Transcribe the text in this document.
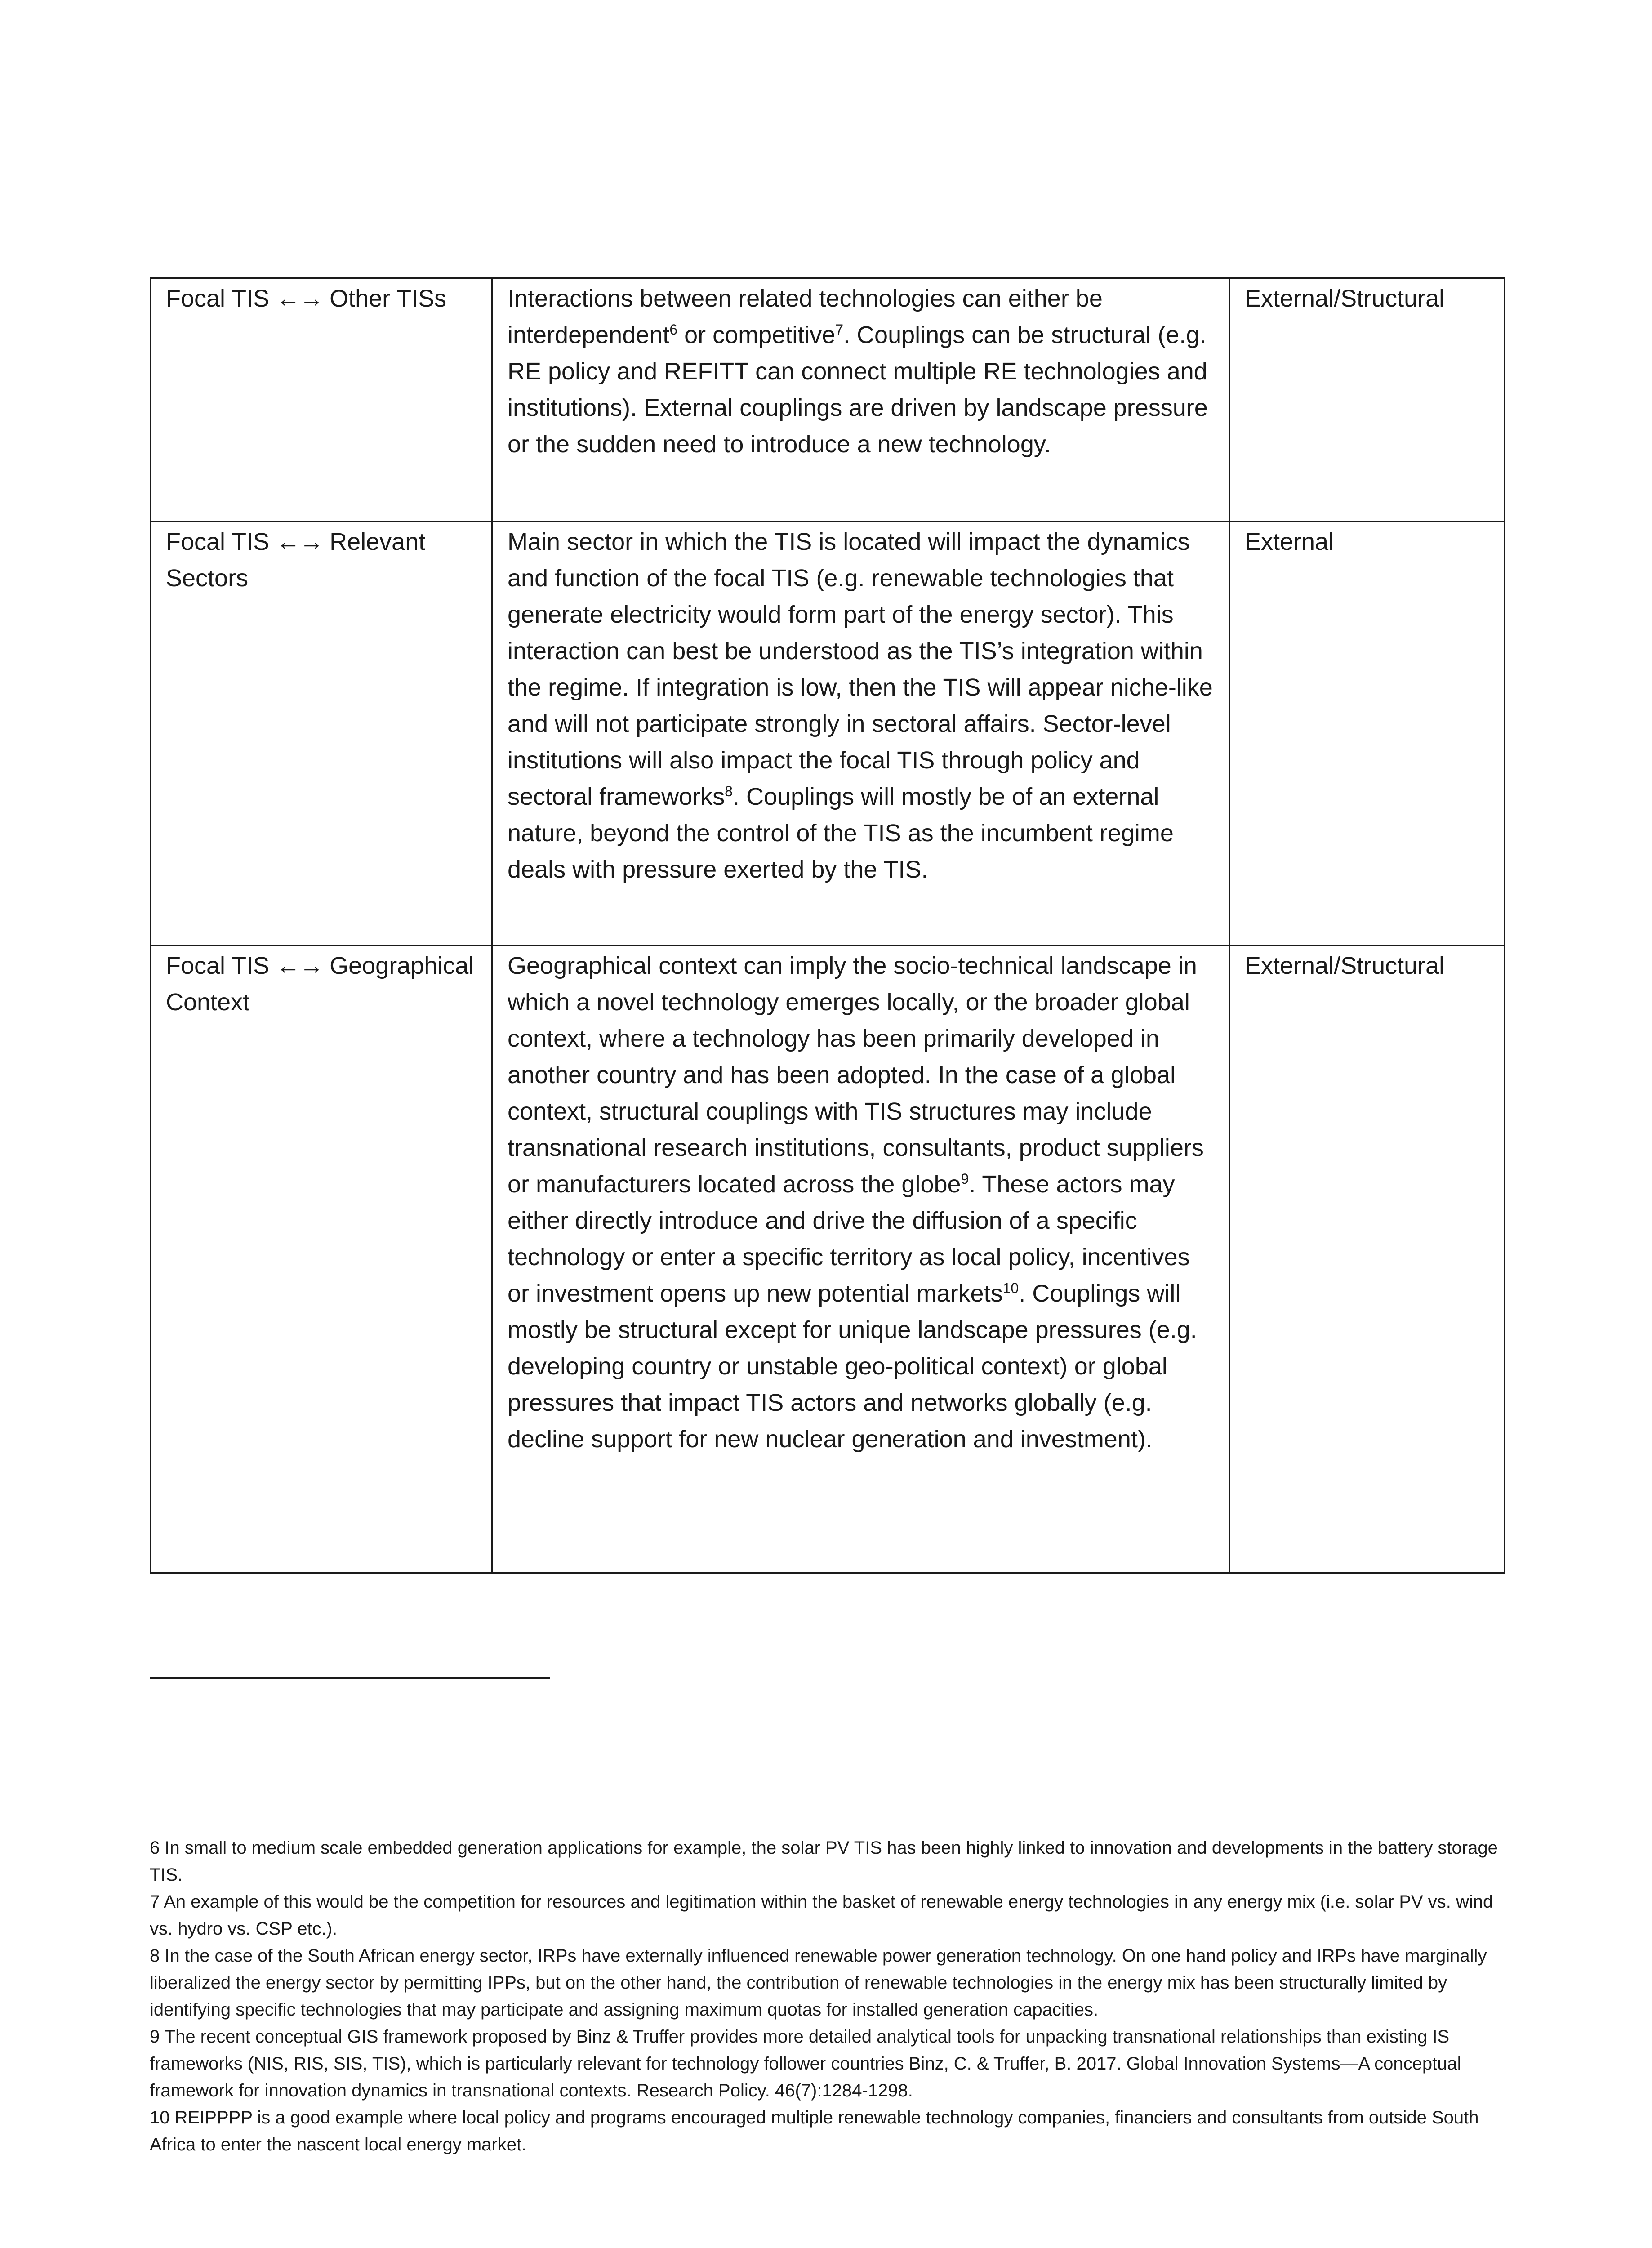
Focal TIS ←→ Other TISs	Interactions between related technologies can either be interdependent$^6$ or competitive$^7$. Couplings can be structural (e.g. RE policy and REFITT can connect multiple RE technologies and institutions). External couplings are driven by landscape pressure or the sudden need to introduce a new technology.	External/Structural
Focal TIS ←→ Relevant Sectors	Main sector in which the TIS is located will impact the dynamics and function of the focal TIS (e.g. renewable technologies that generate electricity would form part of the energy sector). This interaction can best be understood as the TIS’s integration within the regime. If integration is low, then the TIS will appear niche-like and will not participate strongly in sectoral affairs. Sector-level institutions will also impact the focal TIS through policy and sectoral frameworks$^8$. Couplings will mostly be of an external nature, beyond the control of the TIS as the incumbent regime deals with pressure exerted by the TIS.	External
Focal TIS ←→ Geographical Context	Geographical context can imply the socio-technical landscape in which a novel technology emerges locally, or the broader global context, where a technology has been primarily developed in another country and has been adopted. In the case of a global context, structural couplings with TIS structures may include transnational research institutions, consultants, product suppliers or manufacturers located across the globe$^9$. These actors may either directly introduce and drive the diffusion of a specific technology or enter a specific territory as local policy, incentives or investment opens up new potential markets$^{10}$. Couplings will mostly be structural except for unique landscape pressures (e.g. developing country or unstable geo-political context) or global pressures that impact TIS actors and networks globally (e.g. decline support for new nuclear generation and investment).	External/Structural

6 In small to medium scale embedded generation applications for example, the solar PV TIS has been highly linked to innovation and developments in the battery storage TIS.

7 An example of this would be the competition for resources and legitimation within the basket of renewable energy technologies in any energy mix (i.e. solar PV vs. wind vs. hydro vs. CSP etc.).

8 In the case of the South African energy sector, IRPs have externally influenced renewable power generation technology. On one hand policy and IRPs have marginally liberalized the energy sector by permitting IPPs, but on the other hand, the contribution of renewable technologies in the energy mix has been structurally limited by identifying specific technologies that may participate and assigning maximum quotas for installed generation capacities.

9 The recent conceptual GIS framework proposed by Binz & Truffer provides more detailed analytical tools for unpacking transnational relationships than existing IS frameworks (NIS, RIS, SIS, TIS), which is particularly relevant for technology follower countries Binz, C. & Truffer, B. 2017. Global Innovation Systems—A conceptual framework for innovation dynamics in transnational contexts. Research Policy. 46(7):1284-1298.

10 REIPPPP is a good example where local policy and programs encouraged multiple renewable technology companies, financiers and consultants from outside South Africa to enter the nascent local energy market.
